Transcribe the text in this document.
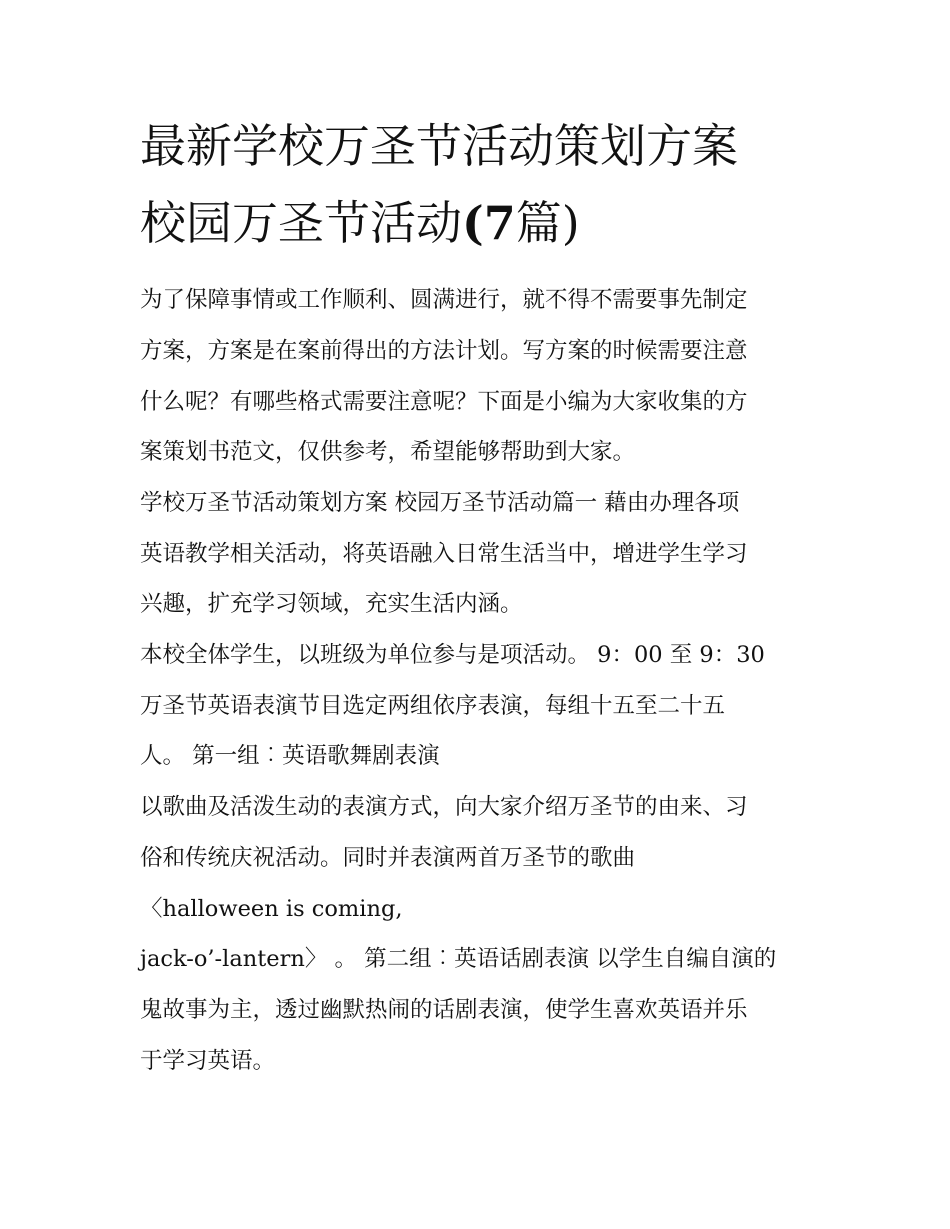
最新学校万圣节活动策划方案
校园万圣节活动(7篇)

为了保障事情或工作顺利、圆满进行，就不得不需要事先制定

方案，方案是在案前得出的方法计划。写方案的时候需要注意

什么呢？有哪些格式需要注意呢？下面是小编为大家收集的方

案策划书范文，仅供参考，希望能够帮助到大家。

学校万圣节活动策划方案 校园万圣节活动篇一 藉由办理各项

英语教学相关活动，将英语融入日常生活当中，增进学生学习

兴趣，扩充学习领域，充实生活内涵。

本校全体学生，以班级为单位参与是项活动。 9：00 至 9：30

万圣节英语表演节目选定两组依序表演，每组十五至二十五

人。 第一组︰英语歌舞剧表演

以歌曲及活泼生动的表演方式，向大家介绍万圣节的由来、习

俗和传统庆祝活动。同时并表演两首万圣节的歌曲

〈halloween is coming,

jack-o’-lantern〉 。 第二组︰英语话剧表演 以学生自编自演的

鬼故事为主，透过幽默热闹的话剧表演，使学生喜欢英语并乐

于学习英语。
